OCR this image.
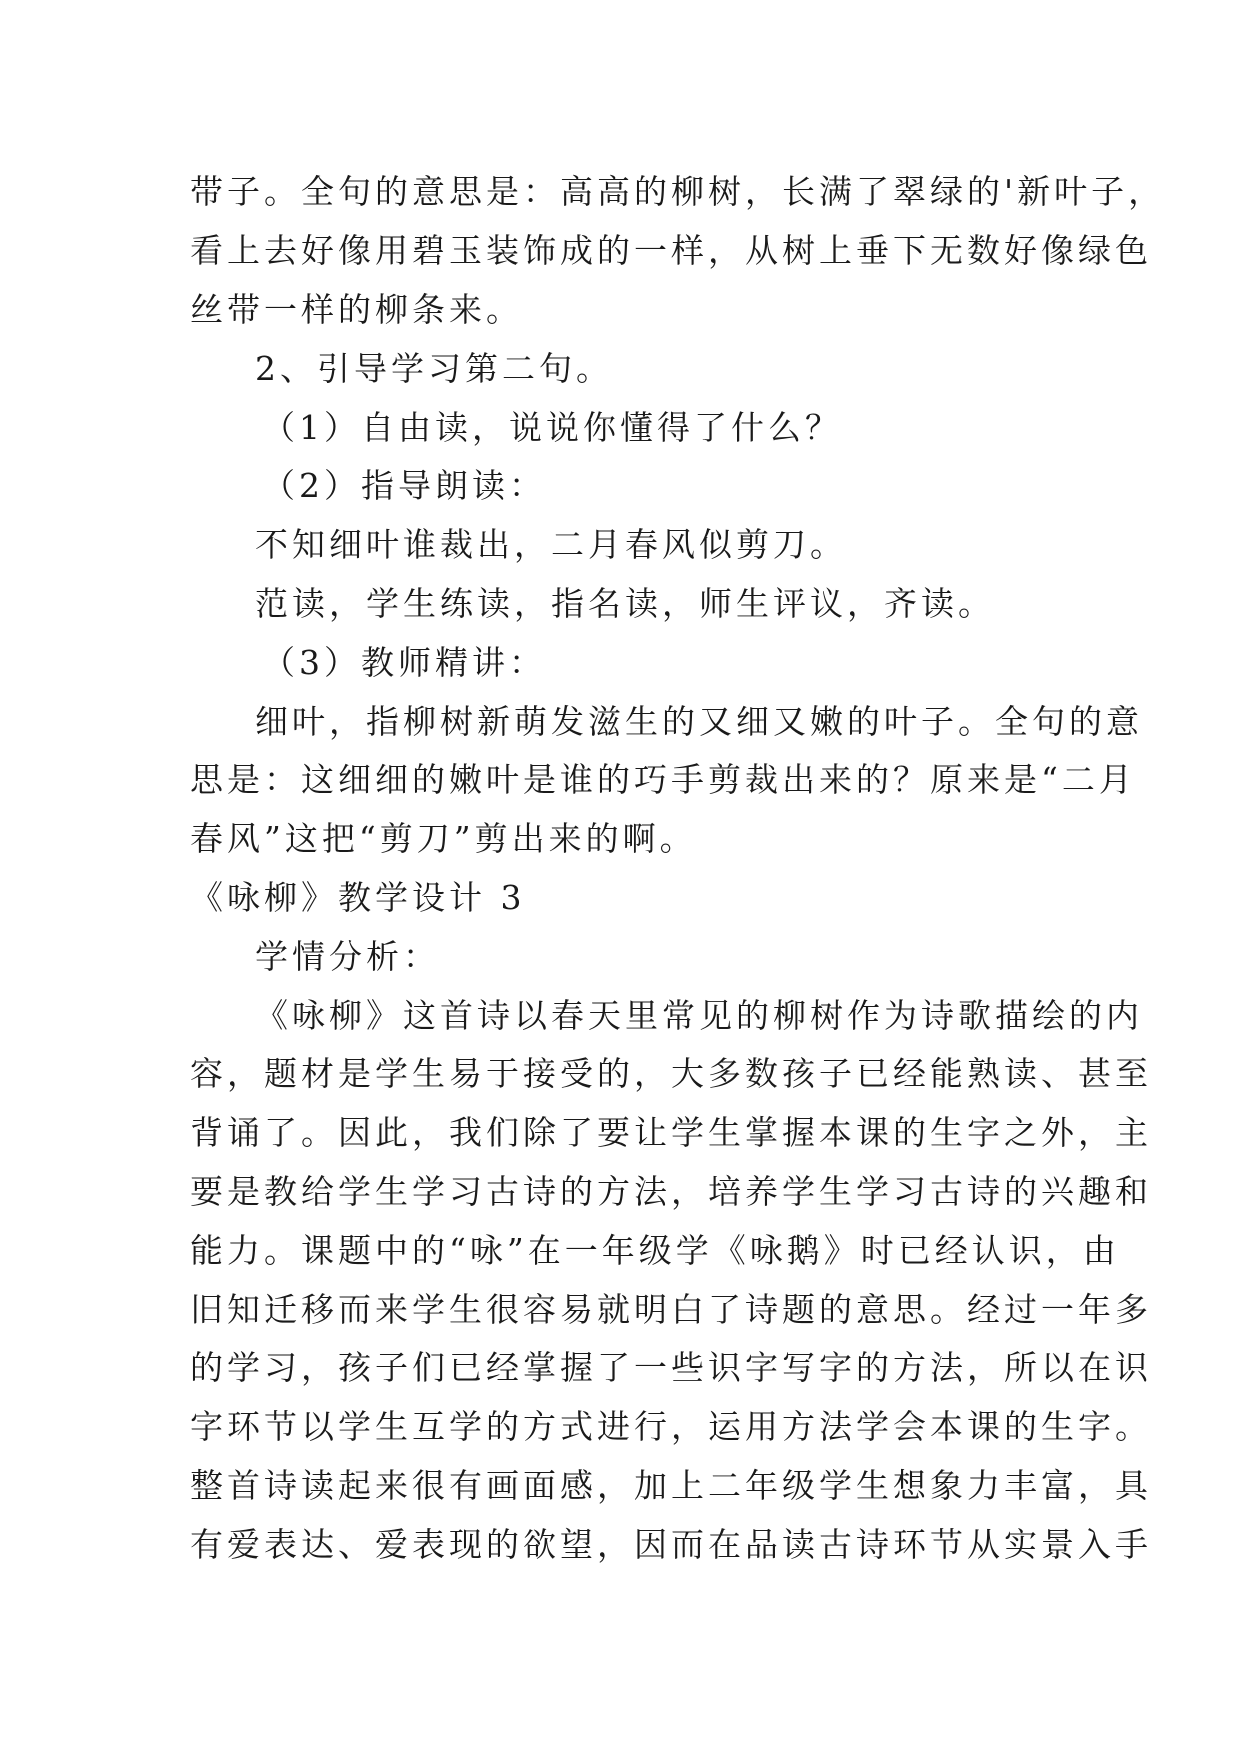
带子。全句的意思是：高高的柳树，长满了翠绿的'新叶子，
看上去好像用碧玉装饰成的一样，从树上垂下无数好像绿色
丝带一样的柳条来。
2、引导学习第二句。
（1）自由读，说说你懂得了什么？
（2）指导朗读：
不知细叶谁裁出，二月春风似剪刀。
范读，学生练读，指名读，师生评议，齐读。
（3）教师精讲：
细叶，指柳树新萌发滋生的又细又嫩的叶子。全句的意
思是：这细细的嫩叶是谁的巧手剪裁出来的？原来是“二月
春风”这把“剪刀”剪出来的啊。
《咏柳》教学设计 3
学情分析：
《咏柳》这首诗以春天里常见的柳树作为诗歌描绘的内
容，题材是学生易于接受的，大多数孩子已经能熟读、甚至
背诵了。因此，我们除了要让学生掌握本课的生字之外，主
要是教给学生学习古诗的方法，培养学生学习古诗的兴趣和
能力。课题中的“咏”在一年级学《咏鹅》时已经认识，由
旧知迁移而来学生很容易就明白了诗题的意思。经过一年多
的学习，孩子们已经掌握了一些识字写字的方法，所以在识
字环节以学生互学的方式进行，运用方法学会本课的生字。
整首诗读起来很有画面感，加上二年级学生想象力丰富，具
有爱表达、爱表现的欲望，因而在品读古诗环节从实景入手
